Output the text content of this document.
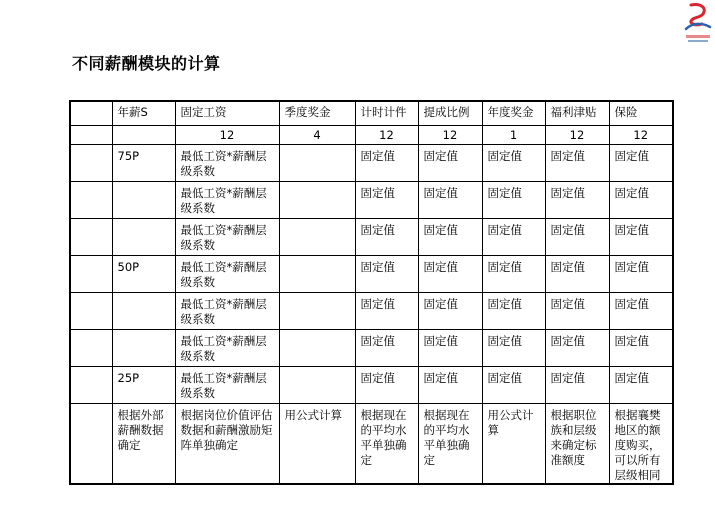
不同薪酬模块的计算
	年薪S	固定工资	季度奖金	计时计件	提成比例	年度奖金	福利津贴	保险
		12	4	12	12	1	12	12
	75P	最低工资*薪酬层级系数		固定值	固定值	固定值	固定值	固定值
		最低工资*薪酬层级系数		固定值	固定值	固定值	固定值	固定值
		最低工资*薪酬层级系数		固定值	固定值	固定值	固定值	固定值
	50P	最低工资*薪酬层级系数		固定值	固定值	固定值	固定值	固定值
		最低工资*薪酬层级系数		固定值	固定值	固定值	固定值	固定值
		最低工资*薪酬层级系数		固定值	固定值	固定值	固定值	固定值
	25P	最低工资*薪酬层级系数		固定值	固定值	固定值	固定值	固定值
	根据外部薪酬数据确定	根据岗位价值评估数据和薪酬激励矩阵单独确定	用公式计算	根据现在的平均水平单独确定	根据现在的平均水平单独确定	用公式计算	根据职位族和层级来确定标准额度	根据襄樊地区的额度购买，可以所有层级相同
